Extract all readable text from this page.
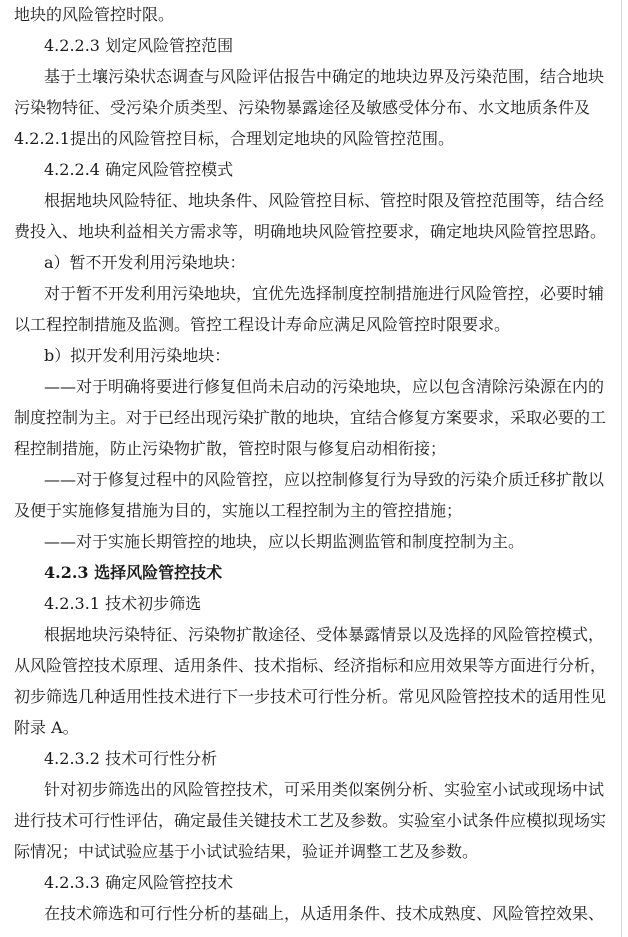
地块的风险管控时限。
4.2.2.3 划定风险管控范围
基于土壤污染状态调查与风险评估报告中确定的地块边界及污染范围，结合地块
污染物特征、受污染介质类型、污染物暴露途径及敏感受体分布、水文地质条件及
4.2.2.1提出的风险管控目标，合理划定地块的风险管控范围。
4.2.2.4 确定风险管控模式
根据地块风险特征、地块条件、风险管控目标、管控时限及管控范围等，结合经
费投入、地块利益相关方需求等，明确地块风险管控要求，确定地块风险管控思路。
a）暂不开发利用污染地块：
对于暂不开发利用污染地块，宜优先选择制度控制措施进行风险管控，必要时辅
以工程控制措施及监测。管控工程设计寿命应满足风险管控时限要求。
b）拟开发利用污染地块：
——对于明确将要进行修复但尚未启动的污染地块，应以包含清除污染源在内的
制度控制为主。对于已经出现污染扩散的地块，宜结合修复方案要求，采取必要的工
程控制措施，防止污染物扩散，管控时限与修复启动相衔接；
——对于修复过程中的风险管控，应以控制修复行为导致的污染介质迁移扩散以
及便于实施修复措施为目的，实施以工程控制为主的管控措施；
——对于实施长期管控的地块，应以长期监测监管和制度控制为主。
4.2.3 选择风险管控技术
4.2.3.1 技术初步筛选
根据地块污染特征、污染物扩散途径、受体暴露情景以及选择的风险管控模式，
从风险管控技术原理、适用条件、技术指标、经济指标和应用效果等方面进行分析，
初步筛选几种适用性技术进行下一步技术可行性分析。常见风险管控技术的适用性见
附录 A。
4.2.3.2 技术可行性分析
针对初步筛选出的风险管控技术，可采用类似案例分析、实验室小试或现场中试
进行技术可行性评估，确定最佳关键技术工艺及参数。实验室小试条件应模拟现场实
际情况；中试试验应基于小试试验结果，验证并调整工艺及参数。
4.2.3.3 确定风险管控技术
在技术筛选和可行性分析的基础上，从适用条件、技术成熟度、风险管控效果、
